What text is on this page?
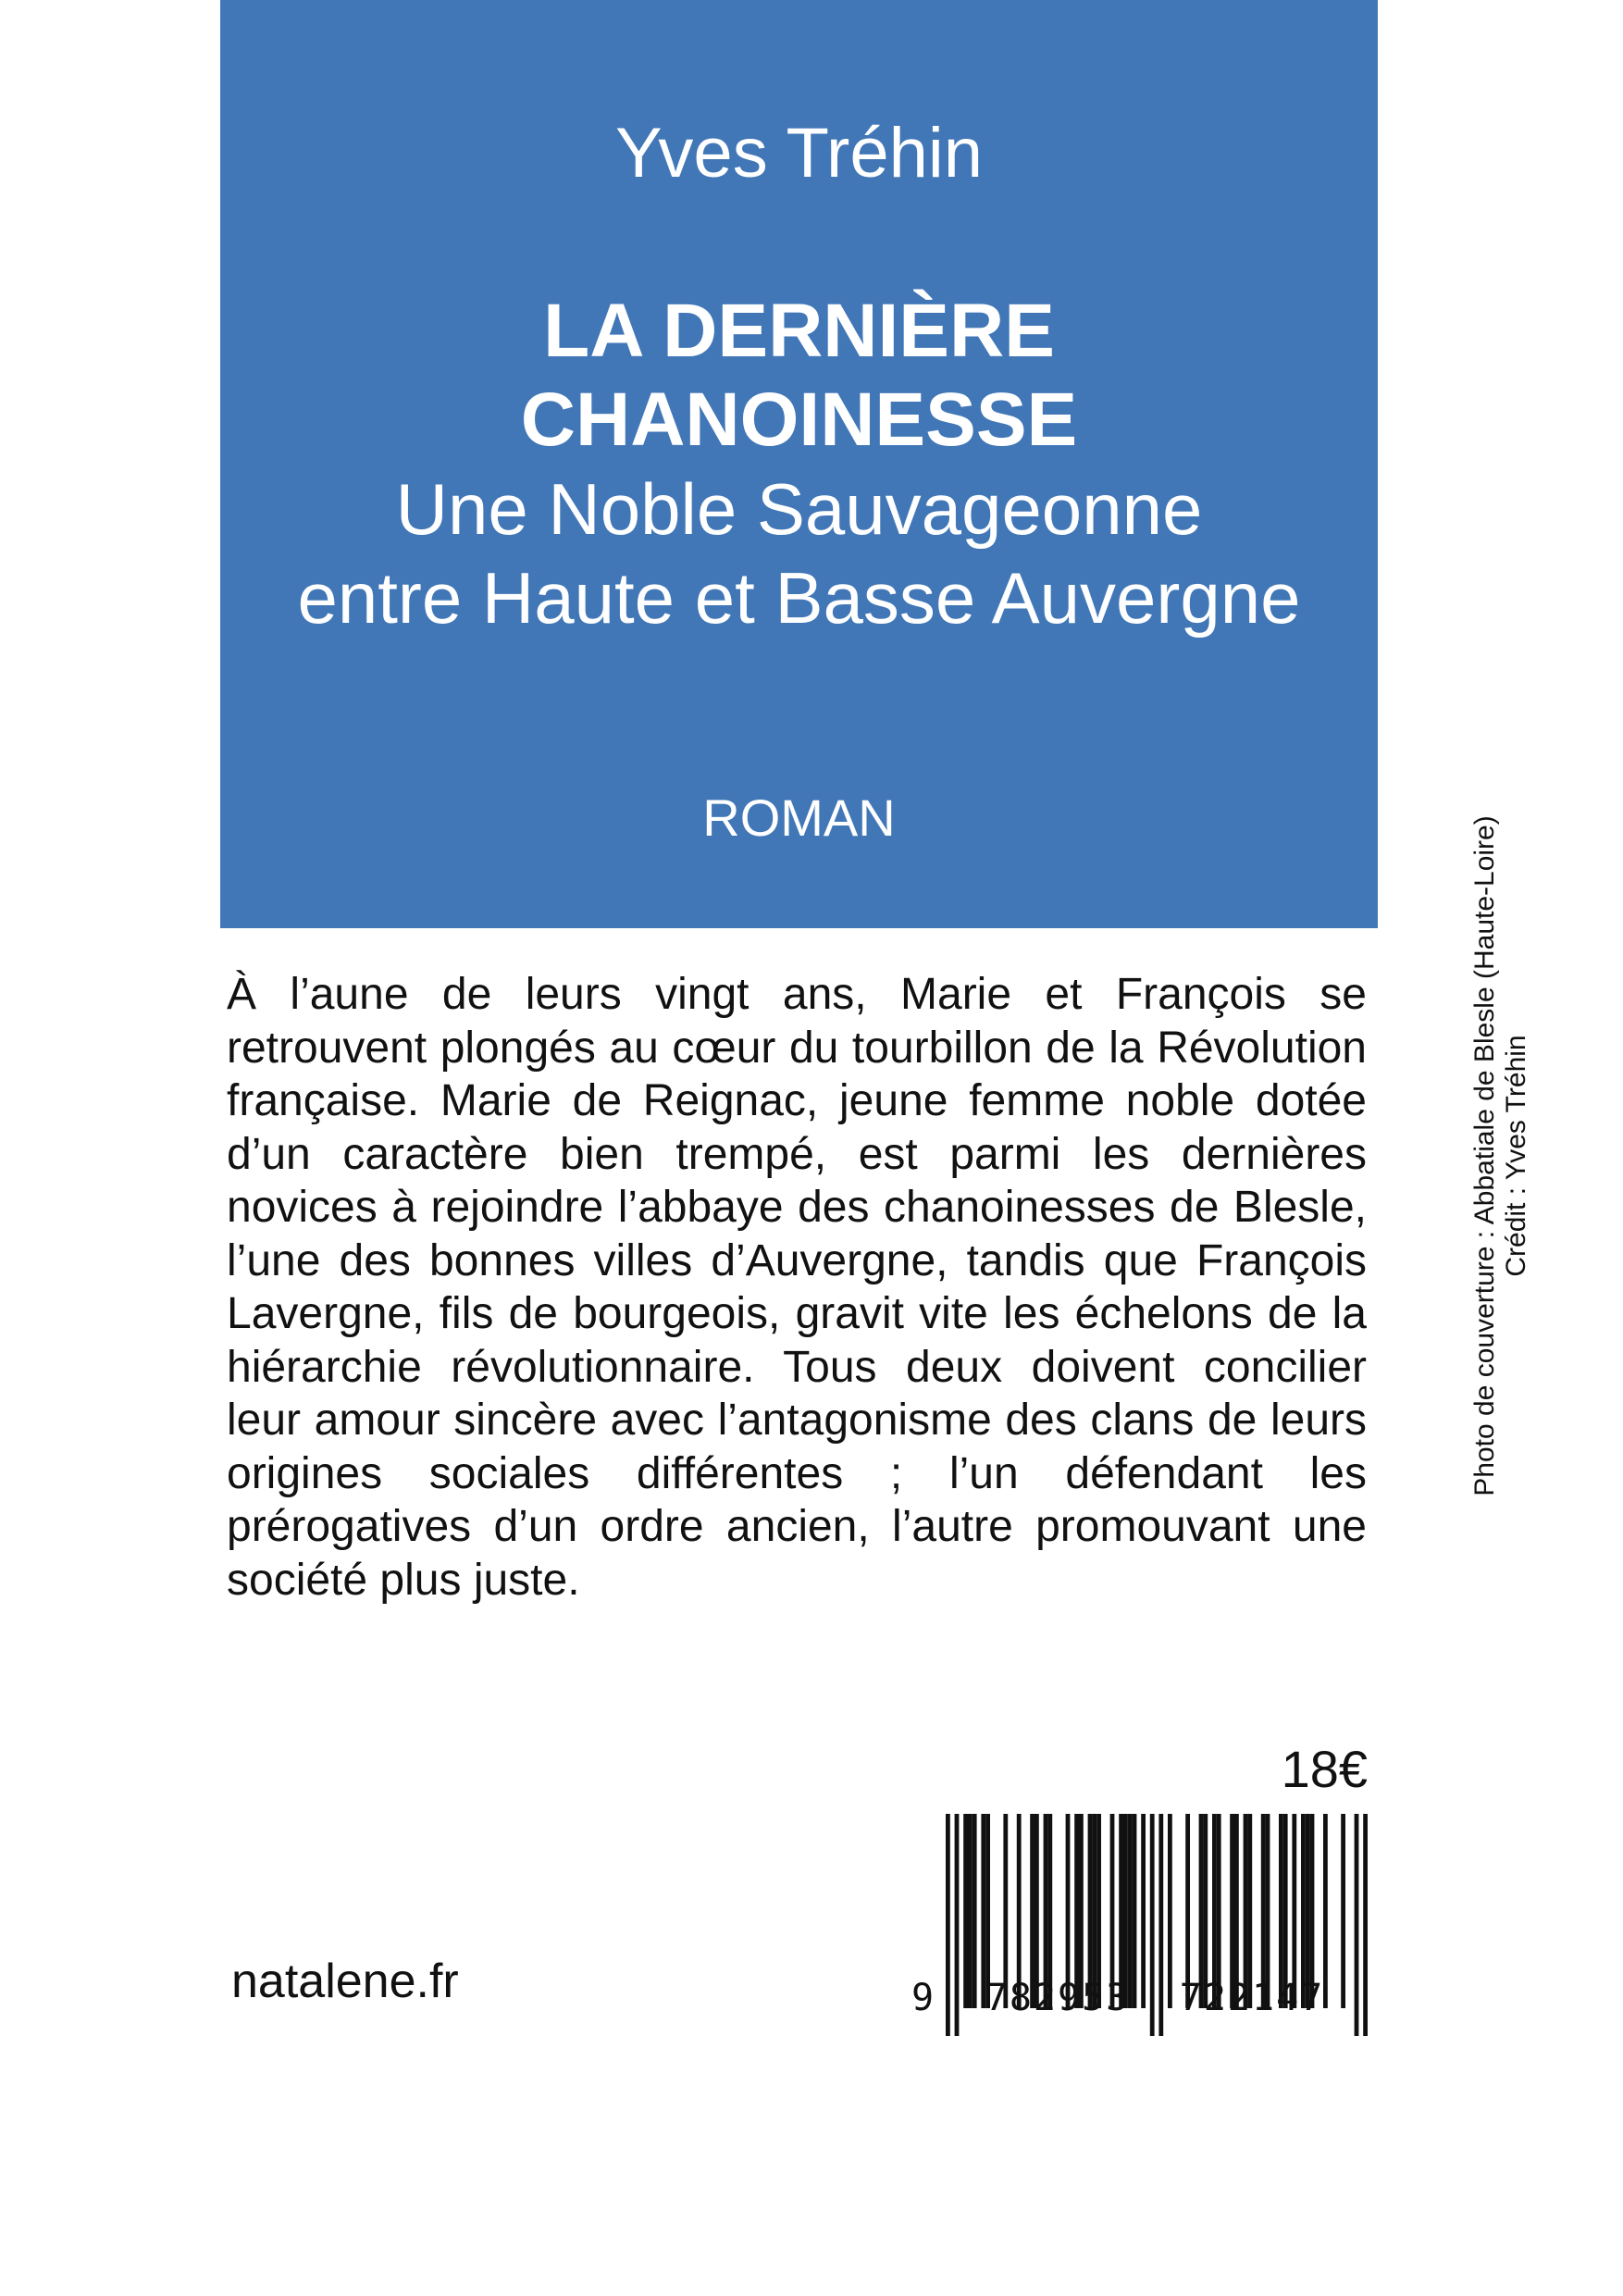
Yves Tréhin
LA DERNIÈRE
CHANOINESSE
Une Noble Sauvageonne
entre Haute et Basse Auvergne
ROMAN

À l’aune de leurs vingt ans, Marie et François se retrouvent plongés au cœur du tourbillon de la Révolution française. Marie de Reignac, jeune femme noble dotée d’un caractère bien trempé, est parmi les dernières novices à rejoindre l’abbaye des chanoinesses de Blesle, l’une des bonnes villes d’Auvergne, tandis que François Lavergne, fils de bourgeois, gravit vite les échelons de la hiérarchie révolutionnaire. Tous deux doivent concilier leur amour sincère avec l’antagonisme des clans de leurs origines sociales différentes ; l’un défendant les prérogatives d’un ordre ancien, l’autre promouvant une société plus juste.

Photo de couverture : Abbatiale de Blesle (Haute-Loire) Crédit : Yves Tréhin
18€
natalene.fr	9 782953 722147
